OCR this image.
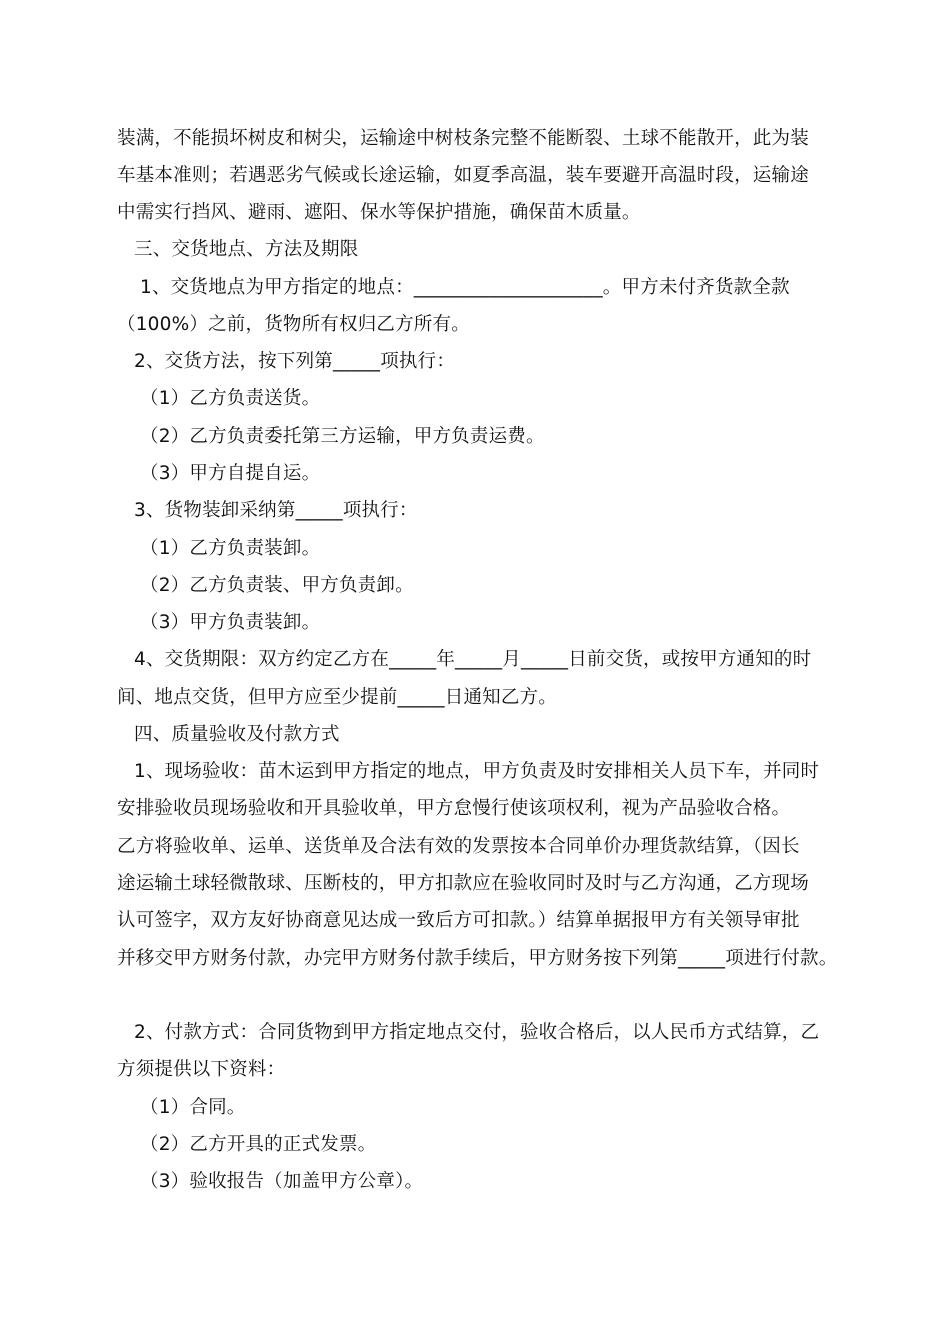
装满，不能损坏树皮和树尖，运输途中树枝条完整不能断裂、土球不能散开，此为装
车基本准则；若遇恶劣气候或长途运输，如夏季高温，装车要避开高温时段，运输途
中需实行挡风、避雨、遮阳、保水等保护措施，确保苗木质量。
三、交货地点、方法及期限
1、交货地点为甲方指定的地点：____________________。甲方未付齐货款全款
（100%）之前，货物所有权归乙方所有。
2、交货方法，按下列第_____项执行：
（1）乙方负责送货。
（2）乙方负责委托第三方运输，甲方负责运费。
（3）甲方自提自运。
3、货物装卸采纳第_____项执行：
（1）乙方负责装卸。
（2）乙方负责装、甲方负责卸。
（3）甲方负责装卸。
4、交货期限：双方约定乙方在_____年_____月_____日前交货，或按甲方通知的时
间、地点交货，但甲方应至少提前_____日通知乙方。
四、质量验收及付款方式
1、现场验收：苗木运到甲方指定的地点，甲方负责及时安排相关人员下车，并同时
安排验收员现场验收和开具验收单，甲方怠慢行使该项权利，视为产品验收合格。
乙方将验收单、运单、送货单及合法有效的发票按本合同单价办理货款结算，（因长
途运输土球轻微散球、压断枝的，甲方扣款应在验收同时及时与乙方沟通，乙方现场
认可签字，双方友好协商意见达成一致后方可扣款。）结算单据报甲方有关领导审批
并移交甲方财务付款，办完甲方财务付款手续后，甲方财务按下列第_____项进行付款。
2、付款方式：合同货物到甲方指定地点交付，验收合格后，以人民币方式结算，乙
方须提供以下资料：
（1）合同。
（2）乙方开具的正式发票。
（3）验收报告（加盖甲方公章）。
